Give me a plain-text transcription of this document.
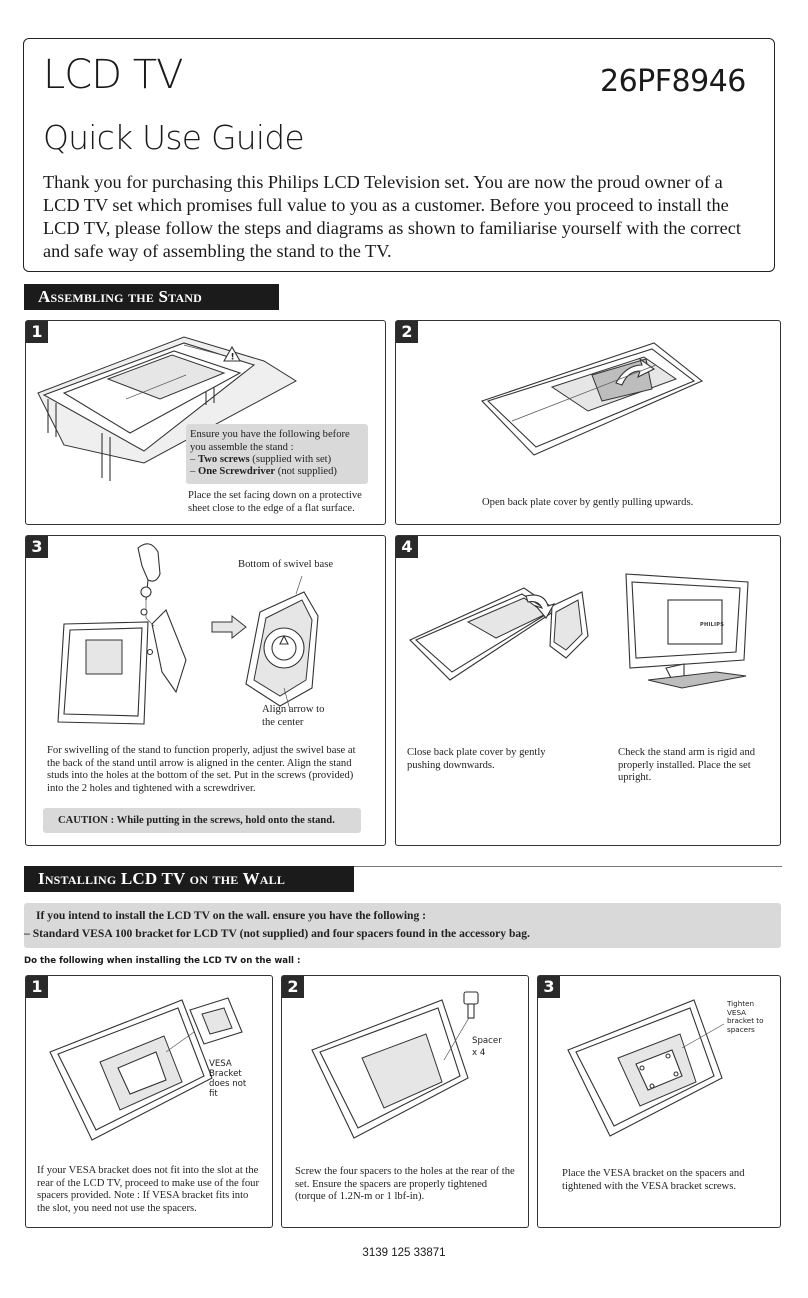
LCD TV	26PF8946
Quick Use Guide
Thank you for purchasing this Philips LCD Television set. You are now the proud owner of a LCD TV set which promises full value to you as a customer. Before you proceed to install the LCD TV, please follow the steps and diagrams as shown to familiarise yourself with the correct and safe way of assembling the stand to the TV.
Assembling the Stand
1
!
Ensure you have the following before you assemble the stand :
– Two screws (supplied with set)
– One Screwdriver (not supplied)
Place the set facing down on a protective sheet close to the edge of a flat surface.
2
Open back plate cover by gently pulling upwards.
3
Bottom of swivel base
Align arrow to the center
For swivelling of the stand to function properly, adjust the swivel base at the back of the stand until arrow is aligned in the center. Align the stand studs into the holes at the bottom of the set. Put in the screws (provided) into the 2 holes and tightened with a screwdriver.
CAUTION : While putting in the screws, hold onto the stand.
4
PHILIPS
Close back plate cover by gently pushing downwards.
Check the stand arm is rigid and properly installed. Place the set upright.
Installing LCD TV on the Wall
If you intend to install the LCD TV on the wall. ensure you have the following :
– Standard VESA 100 bracket for LCD TV (not supplied) and four spacers found in the accessory bag.
Do the following when installing the LCD TV on the wall :
1
VESA Bracket does not fit
If your VESA bracket does not fit into the slot at the rear of the LCD TV, proceed to make use of the four spacers provided. Note : If VESA bracket fits into the slot, you need not use the spacers.
2
Spacer
x 4
Screw the four spacers to the holes at the rear of the set. Ensure the spacers are properly tightened (torque of 1.2N-m or 1 lbf-in).
3
Tighten VESA bracket to spacers
Place the VESA bracket on the spacers and tightened with the VESA bracket screws.
3139 125 33871
